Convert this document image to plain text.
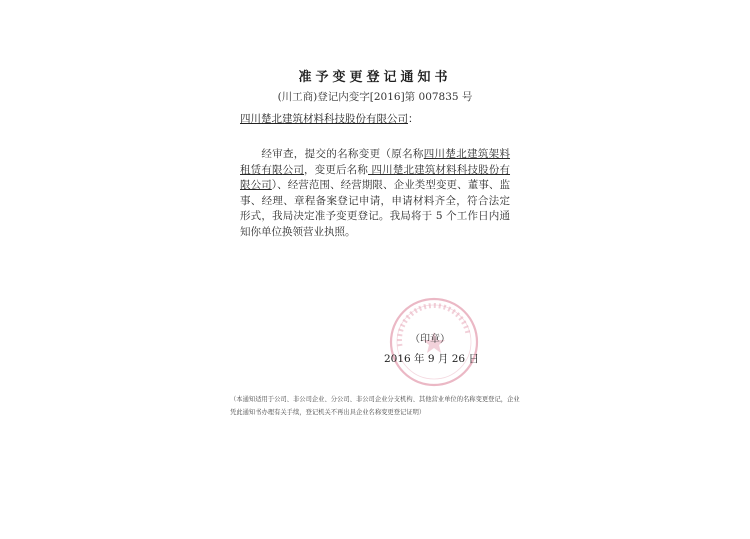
准予变更登记通知书
(川工商)登记内变字[2016]第 007835 号
四川楚北建筑材料科技股份有限公司：
经审查，提交的名称变更（原名称四川楚北建筑架料租赁有限公司，变更后名称 四川楚北建筑材料科技股份有限公司）、经营范围、经营期限、企业类型变更、董事、监事、经理、章程备案登记申请，申请材料齐全，符合法定形式，我局决定准予变更登记。我局将于 5 个工作日内通知你单位换领营业执照。
（印章）
2016 年 9 月 26 日
（本通知适用于公司、非公司企业、分公司、非公司企业分支机构、其他营业单位的名称变更登记，企业凭此通知书办理有关手续，登记机关不再出具企业名称变更登记证明）
